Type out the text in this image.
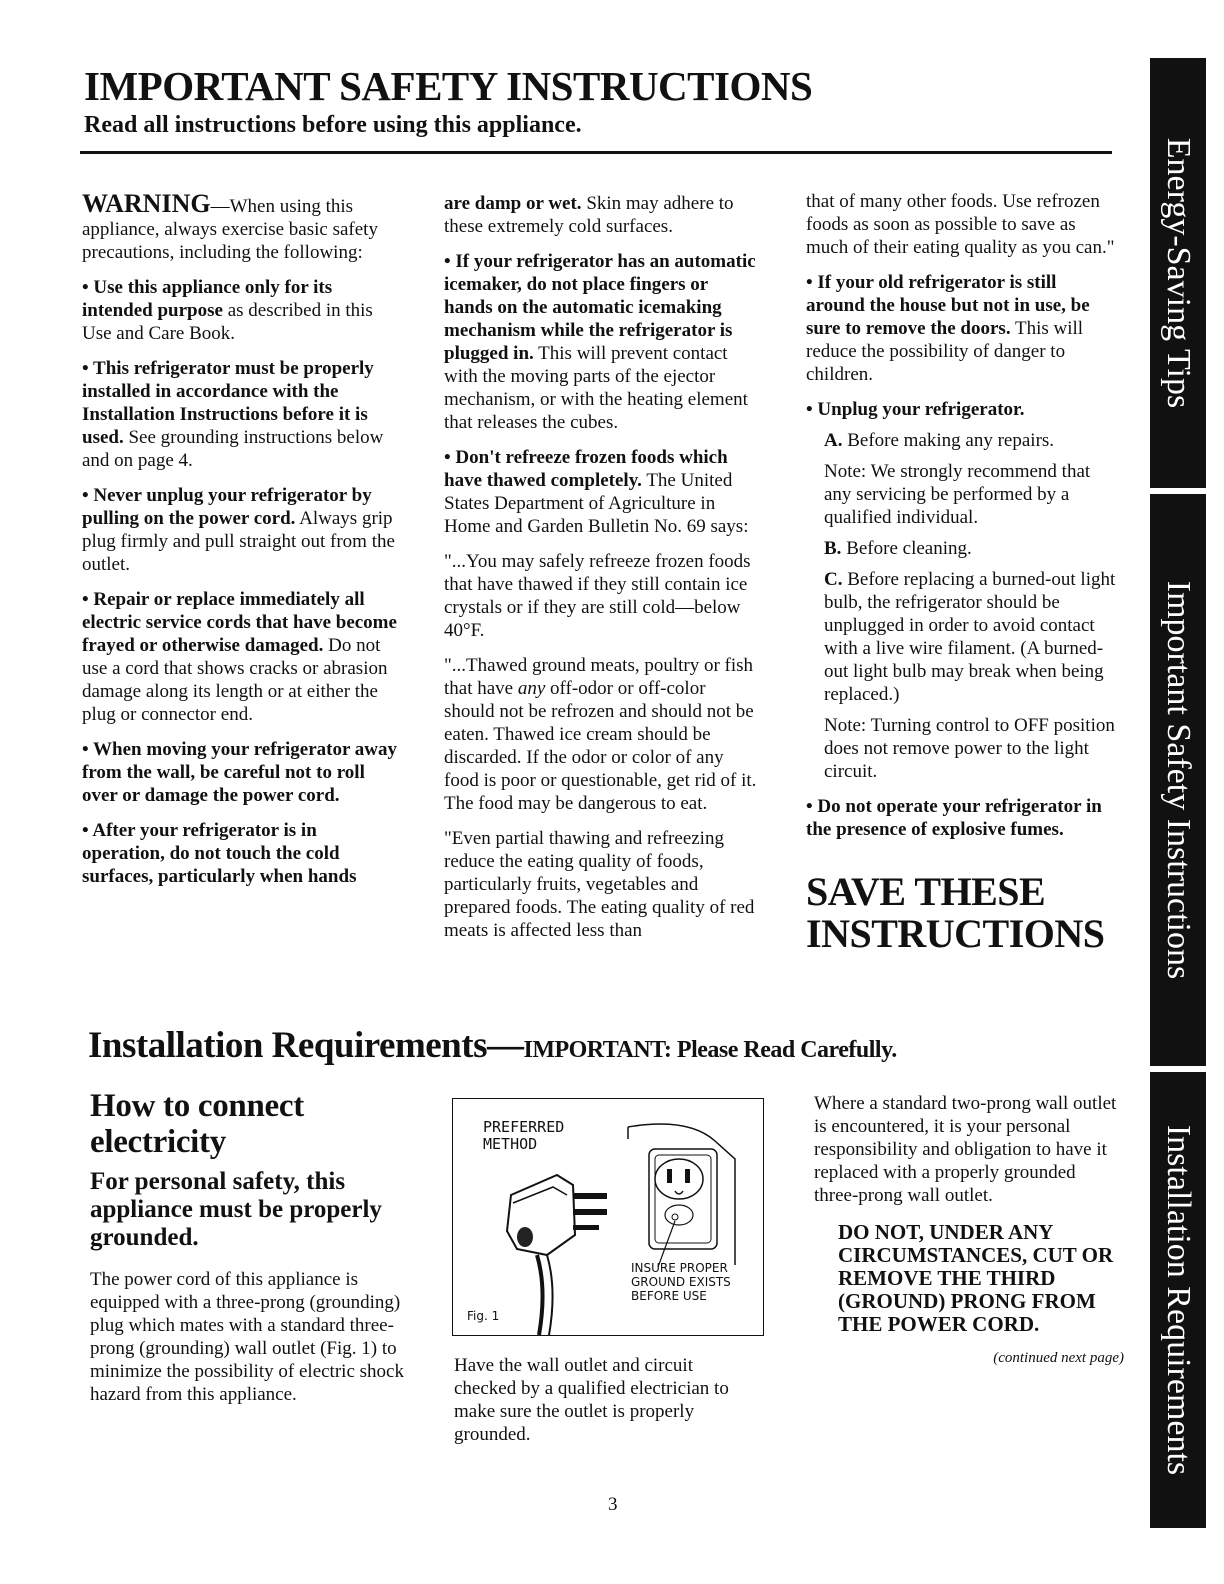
IMPORTANT SAFETY INSTRUCTIONS
Read all instructions before using this appliance.

WARNING—When using this appliance, always exercise basic safety precautions, including the following:

• Use this appliance only for its intended purpose as described in this Use and Care Book.

• This refrigerator must be properly installed in accordance with the Installation Instructions before it is used. See grounding instructions below and on page 4.

• Never unplug your refrigerator by pulling on the power cord. Always grip plug firmly and pull straight out from the outlet.

• Repair or replace immediately all electric service cords that have become frayed or otherwise damaged. Do not use a cord that shows cracks or abrasion damage along its length or at either the plug or connector end.

• When moving your refrigerator away from the wall, be careful not to roll over or damage the power cord.

• After your refrigerator is in operation, do not touch the cold surfaces, particularly when hands

are damp or wet. Skin may adhere to these extremely cold surfaces.

• If your refrigerator has an automatic icemaker, do not place fingers or hands on the automatic icemaking mechanism while the refrigerator is plugged in. This will prevent contact with the moving parts of the ejector mechanism, or with the heating element that releases the cubes.

• Don't refreeze frozen foods which have thawed completely. The United States Department of Agriculture in Home and Garden Bulletin No. 69 says:

"...You may safely refreeze frozen foods that have thawed if they still contain ice crystals or if they are still cold—below 40°F.

"...Thawed ground meats, poultry or fish that have any off-odor or off-color should not be refrozen and should not be eaten. Thawed ice cream should be discarded. If the odor or color of any food is poor or questionable, get rid of it. The food may be dangerous to eat.

"Even partial thawing and refreezing reduce the eating quality of foods, particularly fruits, vegetables and prepared foods. The eating quality of red meats is affected less than

that of many other foods. Use refrozen foods as soon as possible to save as much of their eating quality as you can."

• If your old refrigerator is still around the house but not in use, be sure to remove the doors. This will reduce the possibility of danger to children.

• Unplug your refrigerator.

A. Before making any repairs.

Note: We strongly recommend that any servicing be performed by a qualified individual.

B. Before cleaning.

C. Before replacing a burned-out light bulb, the refrigerator should be unplugged in order to avoid contact with a live wire filament. (A burned-out light bulb may break when being replaced.)

Note: Turning control to OFF position does not remove power to the light circuit.

• Do not operate your refrigerator in the presence of explosive fumes.

SAVE THESE
INSTRUCTIONS
Installation Requirements—IMPORTANT: Please Read Carefully.
How to connect
electricity
For personal safety, this appliance must be properly grounded.
The power cord of this appliance is equipped with a three-prong (grounding) plug which mates with a standard three-prong (grounding) wall outlet (Fig. 1) to minimize the possibility of electric shock hazard from this appliance.
PREFERRED
METHOD
INSURE PROPER
GROUND EXISTS
BEFORE USE
Fig. 1
Have the wall outlet and circuit checked by a qualified electrician to make sure the outlet is properly grounded.
Where a standard two-prong wall outlet is encountered, it is your personal responsibility and obligation to have it replaced with a properly grounded three-prong wall outlet.
DO NOT, UNDER ANY CIRCUMSTANCES, CUT OR REMOVE THE THIRD (GROUND) PRONG FROM THE POWER CORD.
(continued next page)
Energy-Saving Tips
Important Safety Instructions
Installation Requirements
3
